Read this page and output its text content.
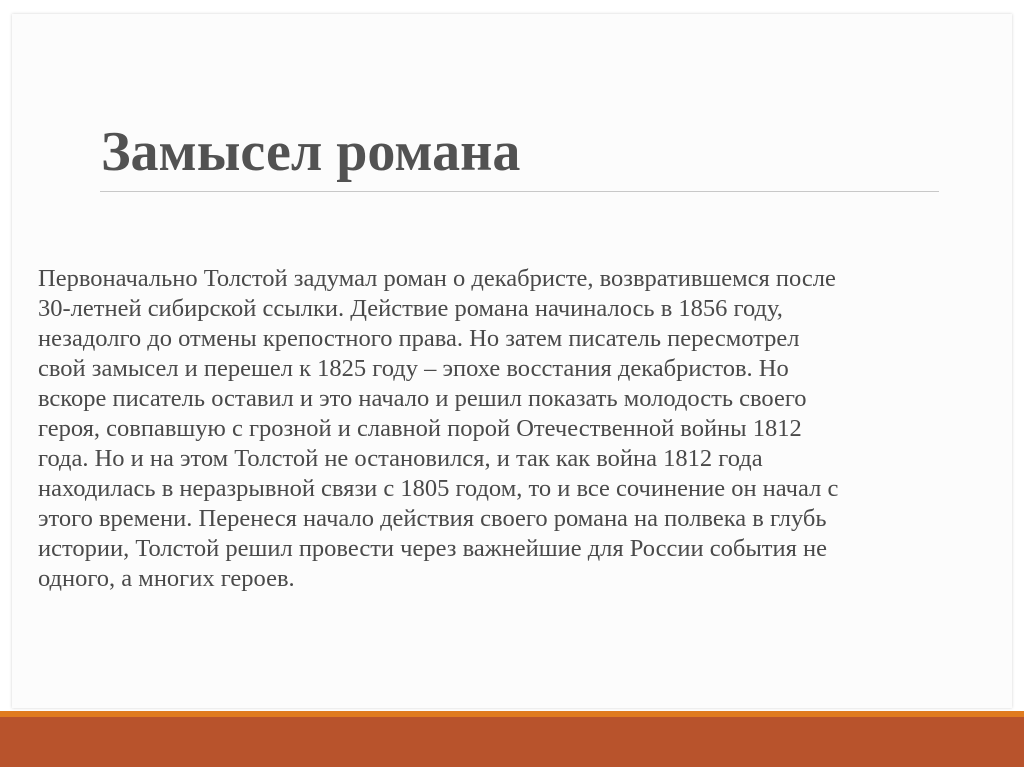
Замысел романа

Первоначально Толстой задумал роман о декабристе, возвратившемся после
30-летней сибирской ссылки. Действие романа начиналось в 1856 году,
незадолго до отмены крепостного права. Но затем писатель пересмотрел
свой замысел и перешел к 1825 году – эпохе восстания декабристов. Но
вскоре писатель оставил и это начало и решил показать молодость своего
героя, совпавшую с грозной и славной порой Отечественной войны 1812
года. Но и на этом Толстой не остановился, и так как война 1812 года
находилась в неразрывной связи с 1805 годом, то и все сочинение он начал с
этого времени. Перенеся начало действия своего романа на полвека в глубь
истории, Толстой решил провести через важнейшие для России события не
одного, а многих героев.
